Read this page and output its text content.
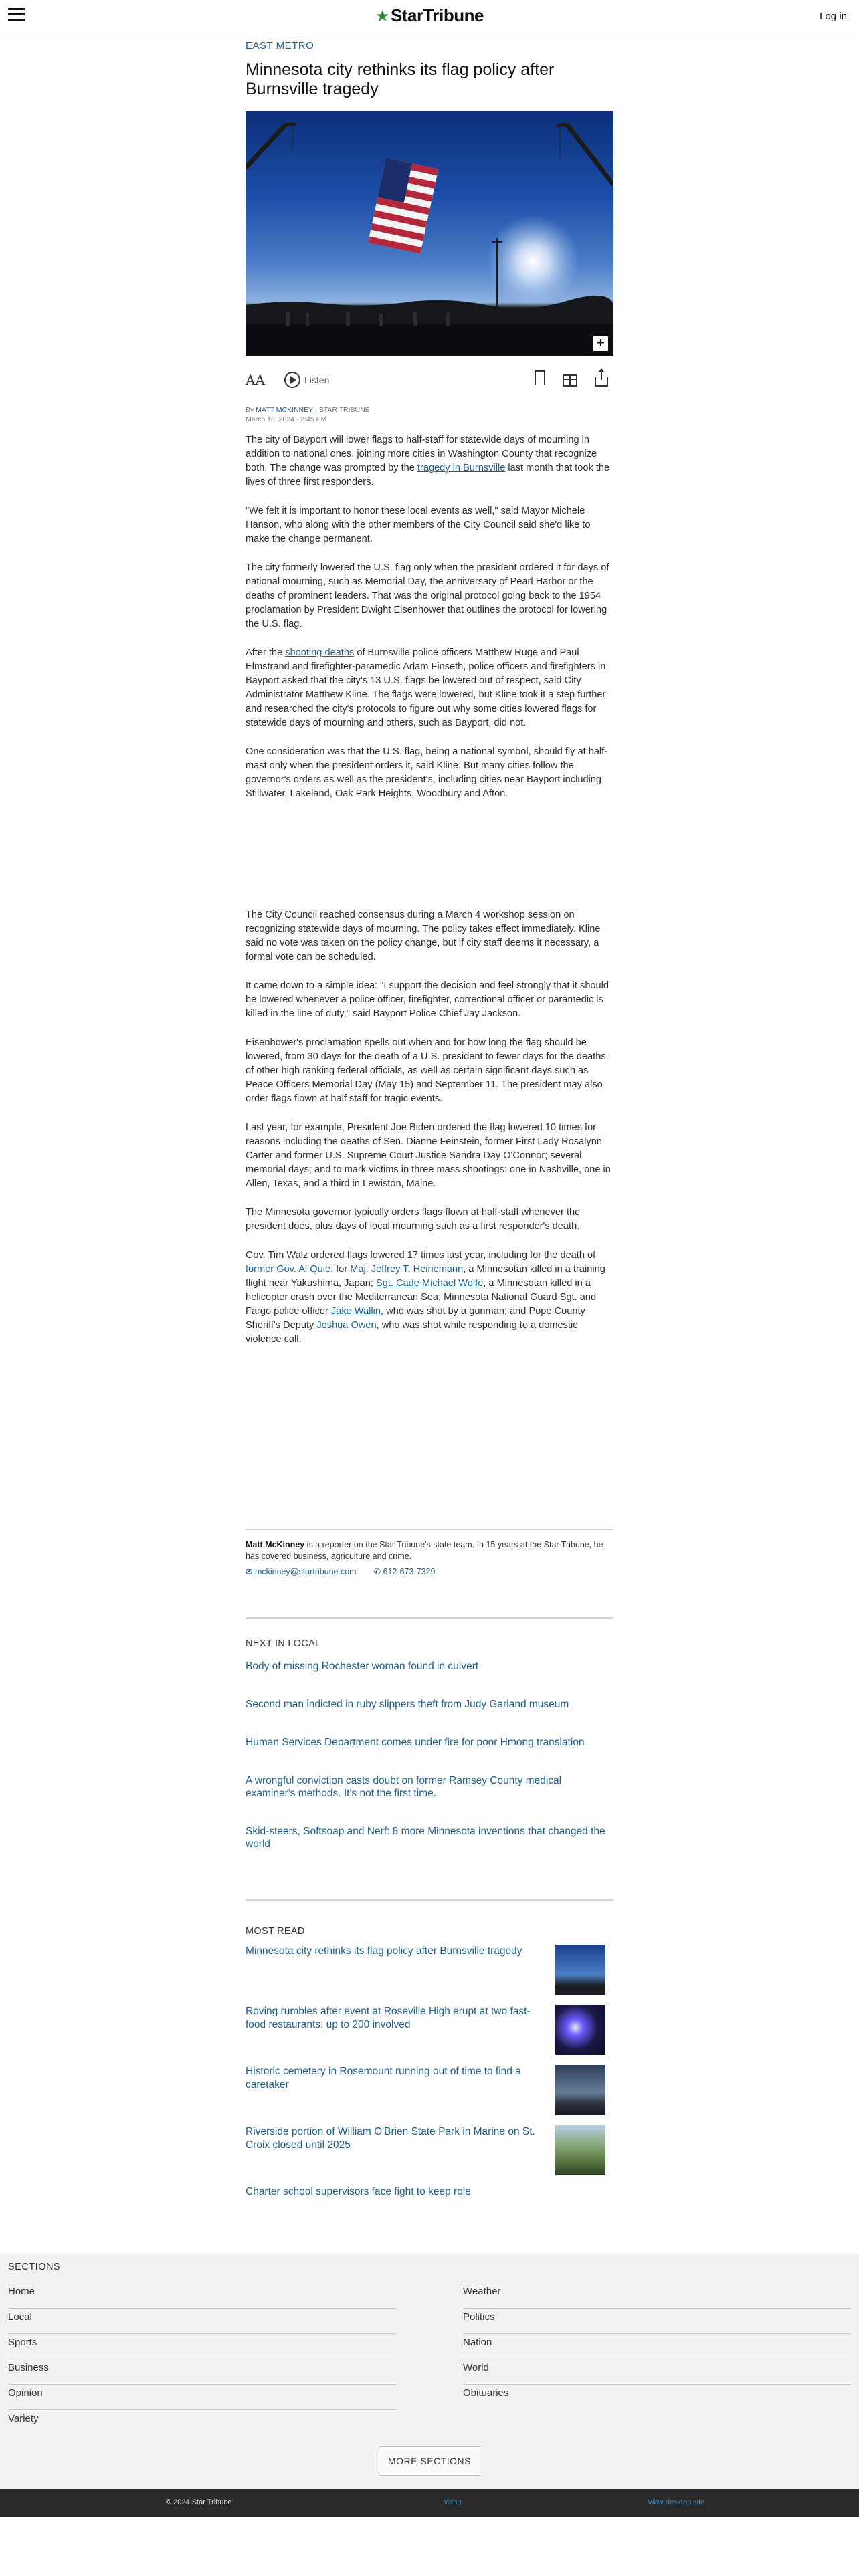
★StarTribune	Log in
EAST METRO
Minnesota city rethinks its flag policy after Burnsville tragedy
+
AA	Listen
By MATT MCKINNEY , STAR TRIBUNE
March 16, 2024 - 2:45 PM

The city of Bayport will lower flags to half-staff for statewide days of mourning in addition to national ones, joining more cities in Washington County that recognize both. The change was prompted by the tragedy in Burnsville last month that took the lives of three first responders.

"We felt it is important to honor these local events as well," said Mayor Michele Hanson, who along with the other members of the City Council said she'd like to make the change permanent.

The city formerly lowered the U.S. flag only when the president ordered it for days of national mourning, such as Memorial Day, the anniversary of Pearl Harbor or the deaths of prominent leaders. That was the original protocol going back to the 1954 proclamation by President Dwight Eisenhower that outlines the protocol for lowering the U.S. flag.

After the shooting deaths of Burnsville police officers Matthew Ruge and Paul Elmstrand and firefighter-paramedic Adam Finseth, police officers and firefighters in Bayport asked that the city's 13 U.S. flags be lowered out of respect, said City Administrator Matthew Kline. The flags were lowered, but Kline took it a step further and researched the city's protocols to figure out why some cities lowered flags for statewide days of mourning and others, such as Bayport, did not.

One consideration was that the U.S. flag, being a national symbol, should fly at half-mast only when the president orders it, said Kline. But many cities follow the governor's orders as well as the president's, including cities near Bayport including Stillwater, Lakeland, Oak Park Heights, Woodbury and Afton.

The City Council reached consensus during a March 4 workshop session on recognizing statewide days of mourning. The policy takes effect immediately. Kline said no vote was taken on the policy change, but if city staff deems it necessary, a formal vote can be scheduled.

It came down to a simple idea: "I support the decision and feel strongly that it should be lowered whenever a police officer, firefighter, correctional officer or paramedic is killed in the line of duty," said Bayport Police Chief Jay Jackson.

Eisenhower's proclamation spells out when and for how long the flag should be lowered, from 30 days for the death of a U.S. president to fewer days for the deaths of other high ranking federal officials, as well as certain significant days such as Peace Officers Memorial Day (May 15) and September 11. The president may also order flags flown at half staff for tragic events.

Last year, for example, President Joe Biden ordered the flag lowered 10 times for reasons including the deaths of Sen. Dianne Feinstein, former First Lady Rosalynn Carter and former U.S. Supreme Court Justice Sandra Day O'Connor; several memorial days; and to mark victims in three mass shootings: one in Nashville, one in Allen, Texas, and a third in Lewiston, Maine.

The Minnesota governor typically orders flags flown at half-staff whenever the president does, plus days of local mourning such as a first responder's death.

Gov. Tim Walz ordered flags lowered 17 times last year, including for the death of former Gov. Al Quie; for Maj. Jeffrey T. Heinemann, a Minnesotan killed in a training flight near Yakushima, Japan; Sgt. Cade Michael Wolfe, a Minnesotan killed in a helicopter crash over the Mediterranean Sea; Minnesota National Guard Sgt. and Fargo police officer Jake Wallin, who was shot by a gunman; and Pope County Sheriff's Deputy Joshua Owen, who was shot while responding to a domestic violence call.

Matt McKinney is a reporter on the Star Tribune's state team. In 15 years at the Star Tribune, he has covered business, agriculture and crime.
✉ mckinney@startribune.com ✆ 612-673-7329
NEXT IN LOCAL
Body of missing Rochester woman found in culvert
Second man indicted in ruby slippers theft from Judy Garland museum
Human Services Department comes under fire for poor Hmong translation
A wrongful conviction casts doubt on former Ramsey County medical examiner's methods. It's not the first time.
Skid-steers, Softsoap and Nerf: 8 more Minnesota inventions that changed the world
MOST READ
Minnesota city rethinks its flag policy after Burnsville tragedy
Roving rumbles after event at Roseville High erupt at two fast-food restaurants; up to 200 involved
Historic cemetery in Rosemount running out of time to find a caretaker
Riverside portion of William O'Brien State Park in Marine on St. Croix closed until 2025
Charter school supervisors face fight to keep role
SECTIONS
Home
Local
Sports
Business
Opinion
Variety
Weather
Politics
Nation
World
Obituaries
MORE SECTIONS
© 2024 Star Tribune	Menu	View desktop site
